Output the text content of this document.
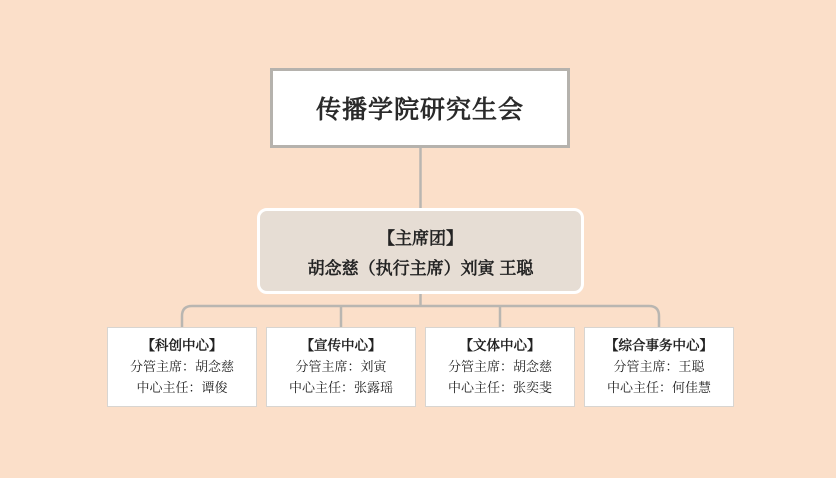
传播学院研究生会
【主席团】
胡念慈（执行主席）刘寅 王聪
【科创中心】
分管主席：胡念慈
中心主任：谭俊
【宣传中心】
分管主席：刘寅
中心主任：张露瑶
【文体中心】
分管主席：胡念慈
中心主任：张奕斐
【综合事务中心】
分管主席：王聪
中心主任：何佳慧
